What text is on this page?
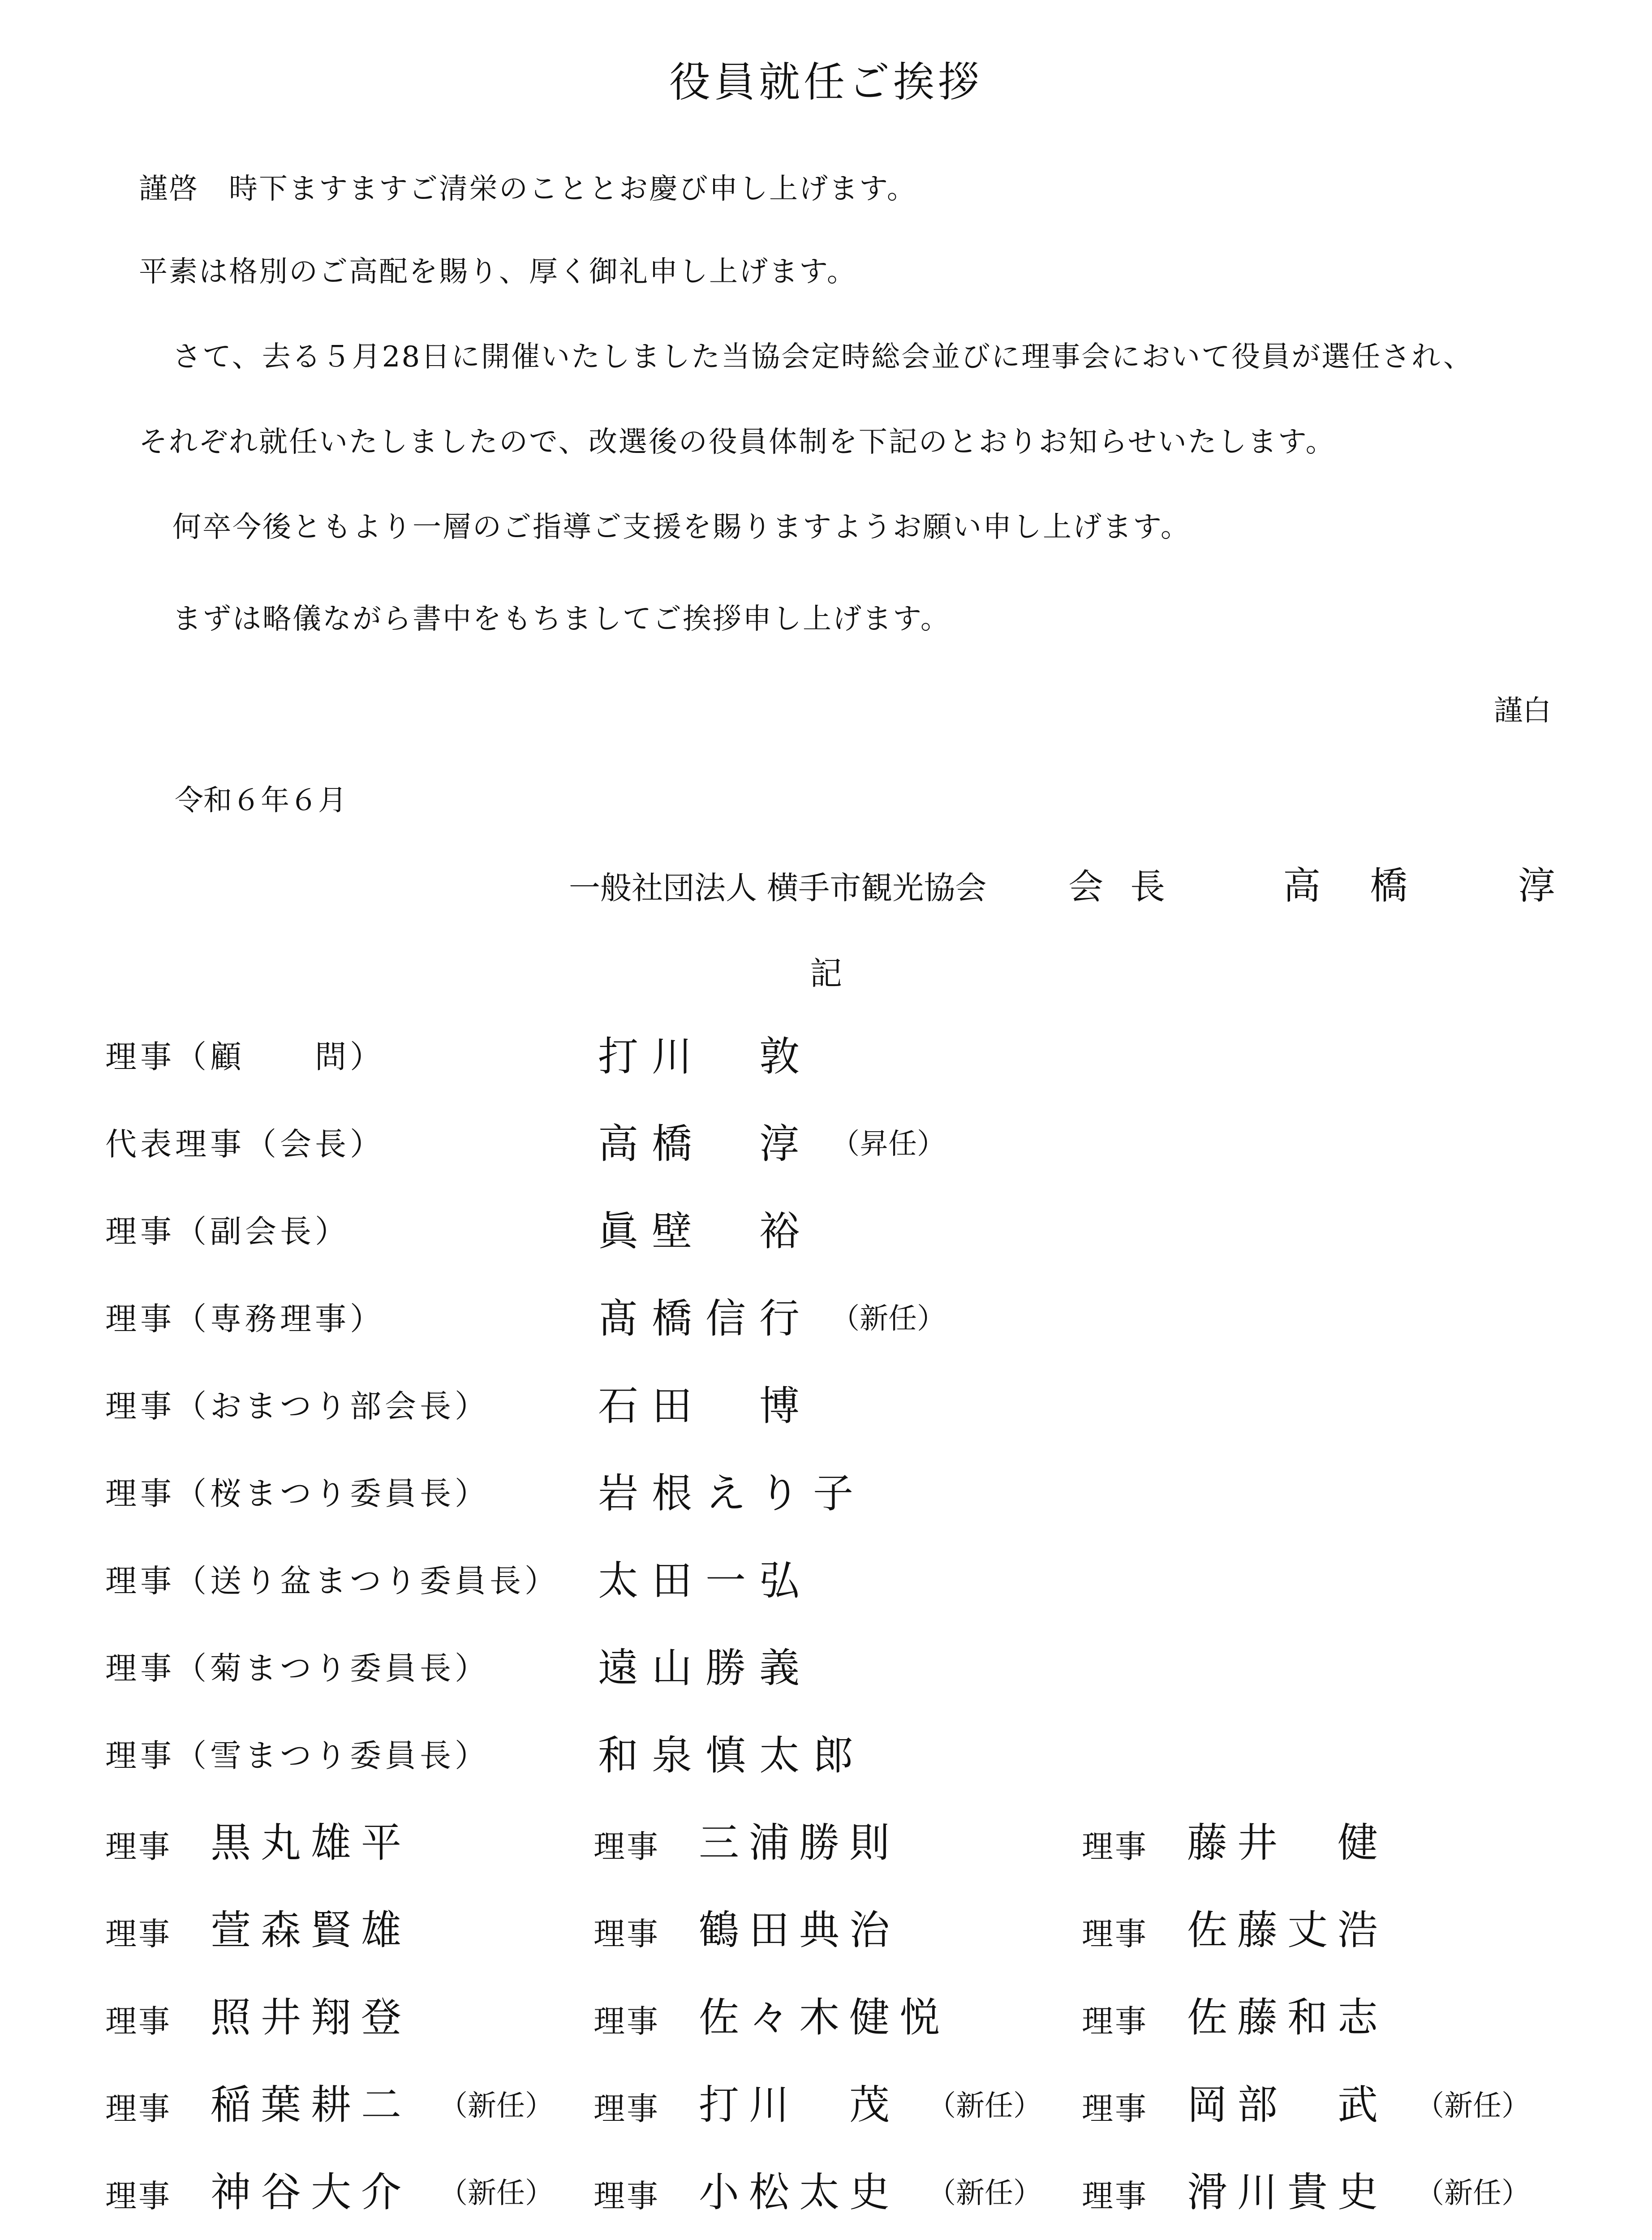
役員就任ご挨拶
謹啓　時下ますますご清栄のこととお慶び申し上げます。
平素は格別のご高配を賜り、厚く御礼申し上げます。
さて、去る５月28日に開催いたしました当協会定時総会並びに理事会において役員が選任され、
それぞれ就任いたしましたので、改選後の役員体制を下記のとおりお知らせいたします。
何卒今後ともより一層のご指導ご支援を賜りますようお願い申し上げます。
まずは略儀ながら書中をもちましてご挨拶申し上げます。
謹白
令和６年６月
一般社団法人 横手市観光協会 会長 高橋 淳
記
理事（顧　　問）	打川　敦
代表理事（会長）	高橋　淳 （昇任）
理事（副会長）	眞壁　裕
理事（専務理事）	髙橋信行 （新任）
理事（おまつり部会長）	石田　博
理事（桜まつり委員長）	岩根えり子
理事（送り盆まつり委員長） 太田一弘
理事（菊まつり委員長）	遠山勝義
理事（雪まつり委員長）	和泉慎太郎
理事 黒丸雄平	理事 三浦勝則	理事 藤井　健
理事 萱森賢雄	理事 鶴田典治	理事 佐藤丈浩
理事 照井翔登	理事 佐々木健悦	理事 佐藤和志
理事 稲葉耕二 （新任） 理事 打川　茂 （新任） 理事 岡部　武 （新任）
理事 神谷大介 （新任） 理事 小松太史 （新任） 理事 滑川貴史 （新任）
